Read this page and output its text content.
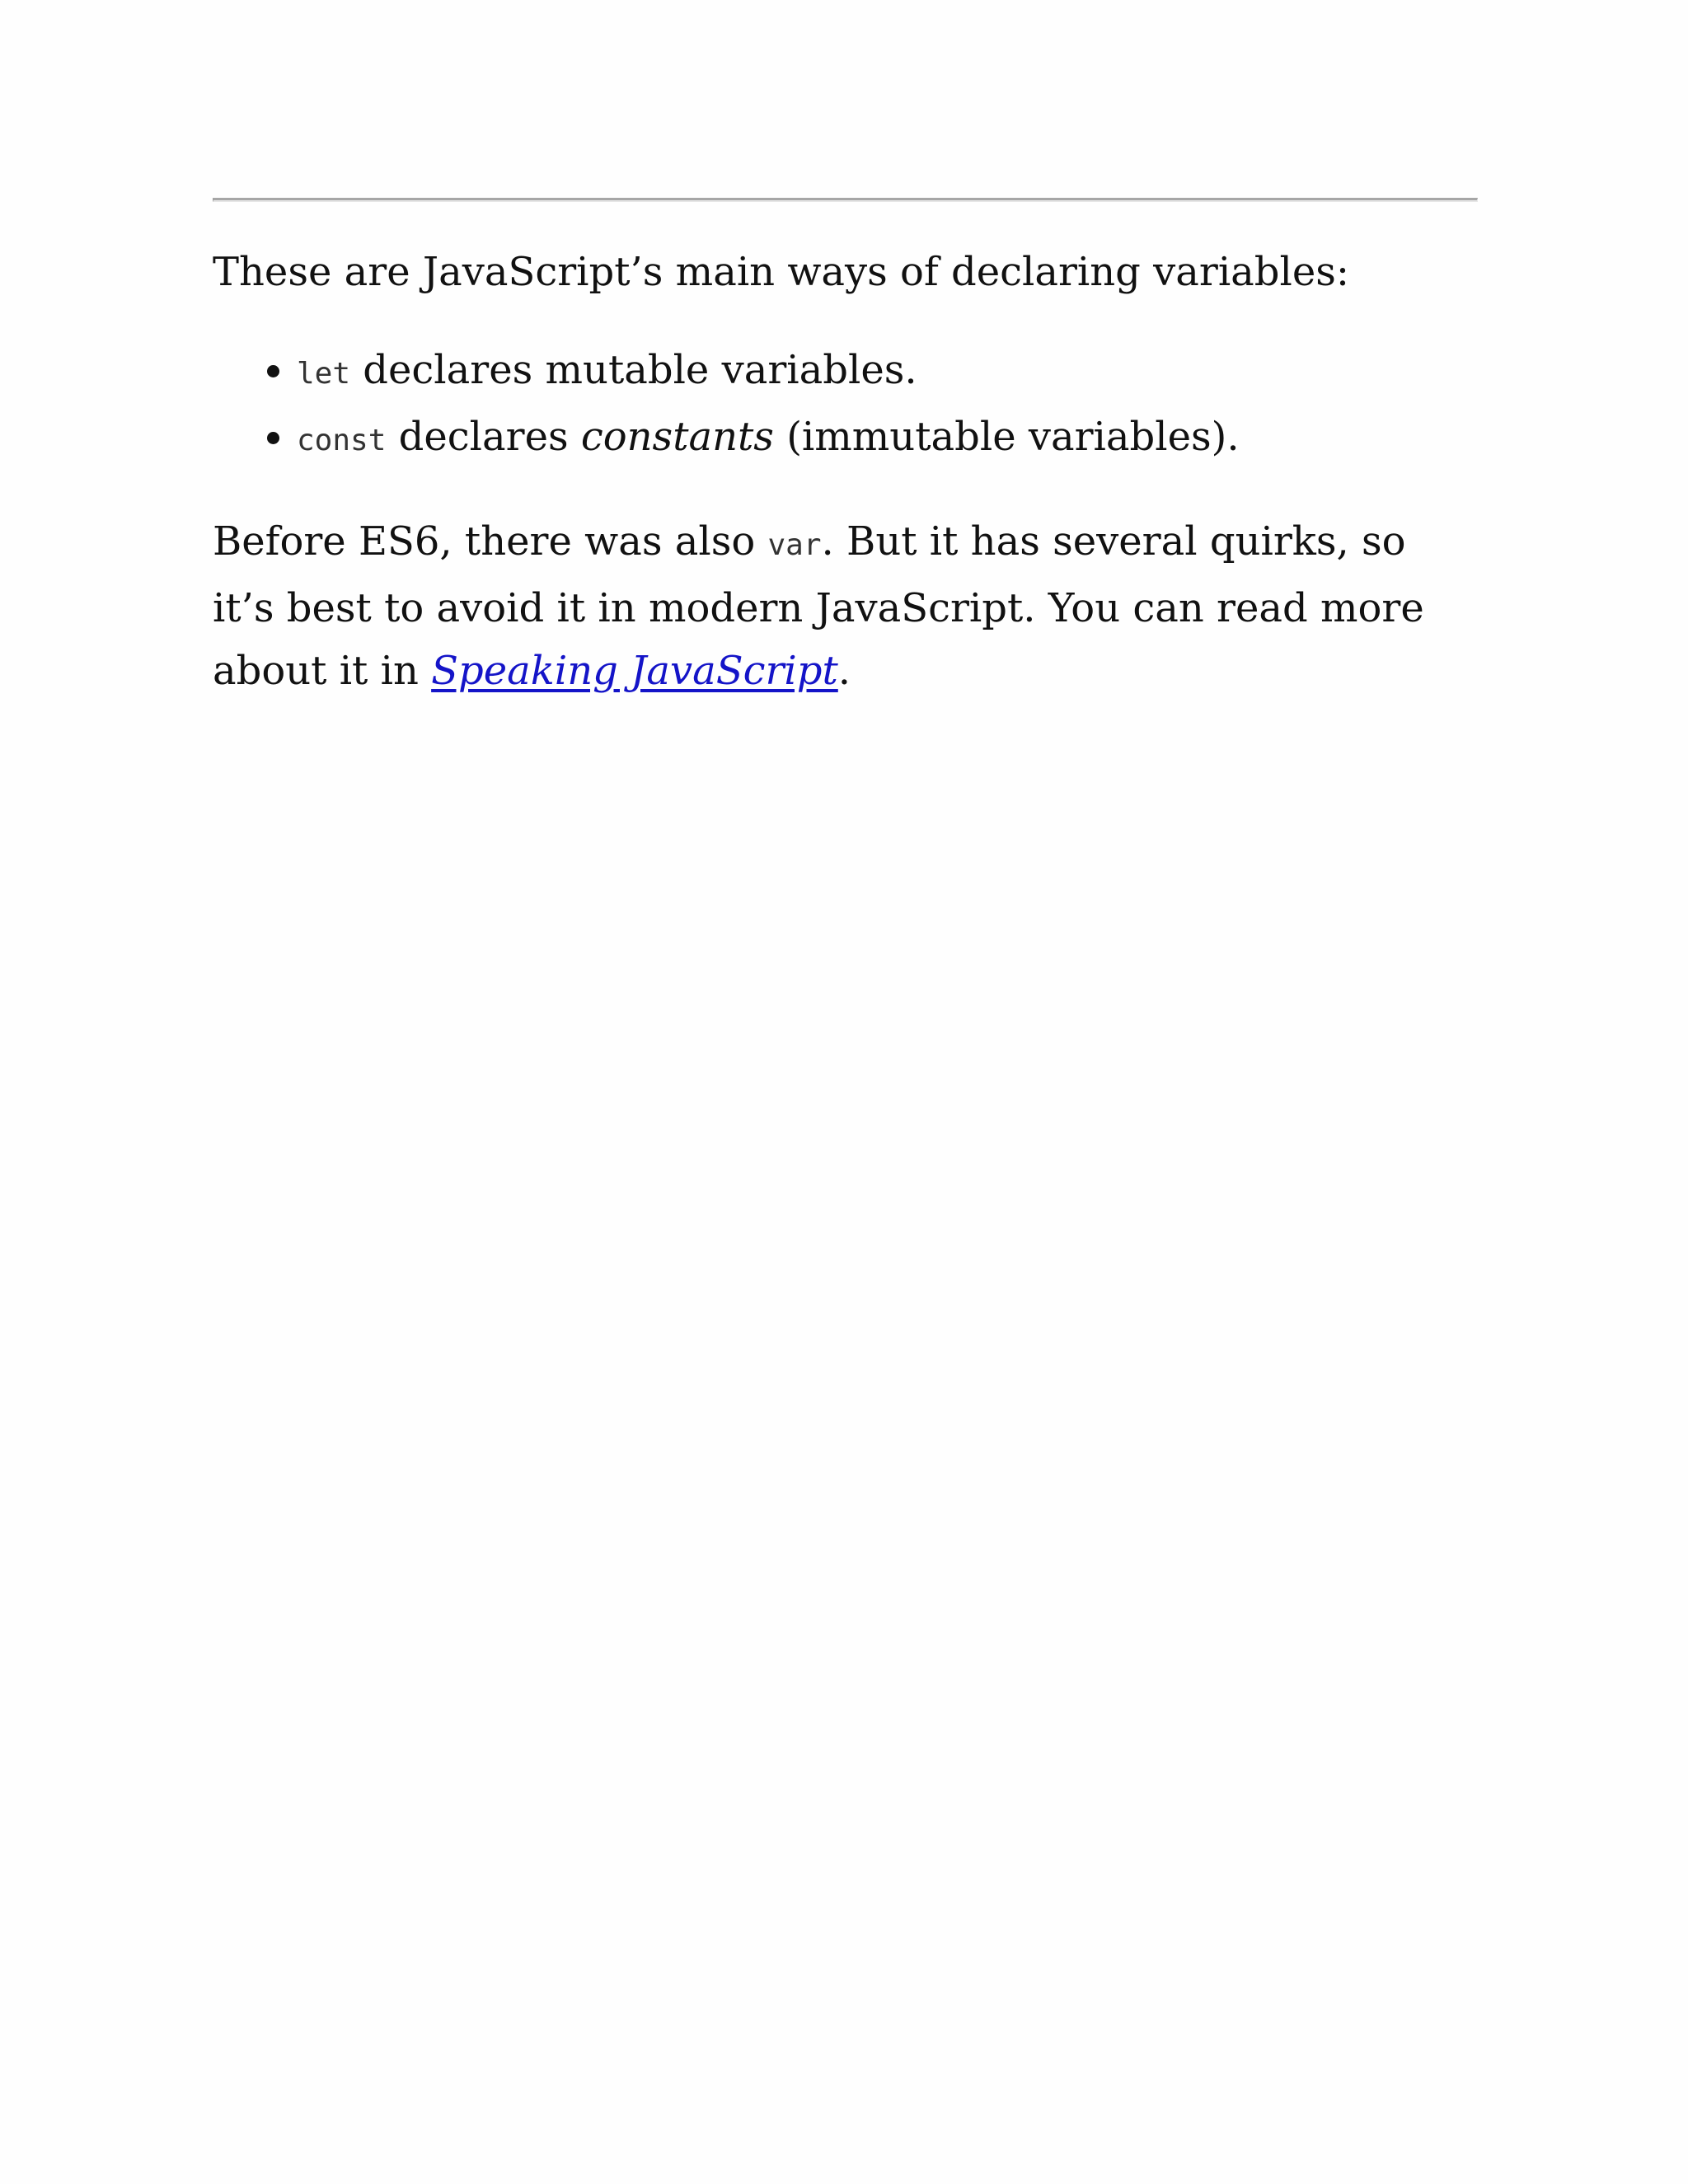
These are JavaScript’s main ways of declaring variables:

• let declares mutable variables.
• const declares constants (immutable variables).

Before ES6, there was also var. But it has several quirks, so it’s best to avoid it in modern JavaScript. You can read more about it in Speaking JavaScript.
